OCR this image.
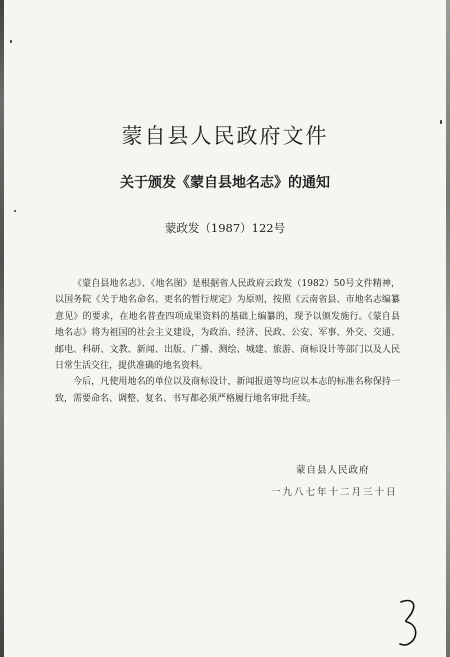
蒙自县人民政府文件
关于颁发《蒙自县地名志》的通知
蒙政发（1987）122号

《蒙自县地名志》、《地名图》是根据省人民政府云政发（1982）50号文件精神，以国务院《关于地名命名、更名的暂行规定》为原则，按照《云南省县、市地名志编纂意见》的要求，在地名普查四项成果资料的基础上编纂的，现予以颁发施行。《蒙自县地名志》将为祖国的社会主义建设，为政治、经济、民政、公安、军事、外交、交通、邮电、科研、文教、新闻、出版、广播、测绘、城建、旅游、商标设计等部门以及人民日常生活交往，提供准确的地名资料。

今后，凡使用地名的单位以及商标设计，新闻报道等均应以本志的标准名称保持一致，需要命名、调整、复名、书写都必须严格履行地名审批手续。

蒙自县人民政府
一九八七年十二月三十日
